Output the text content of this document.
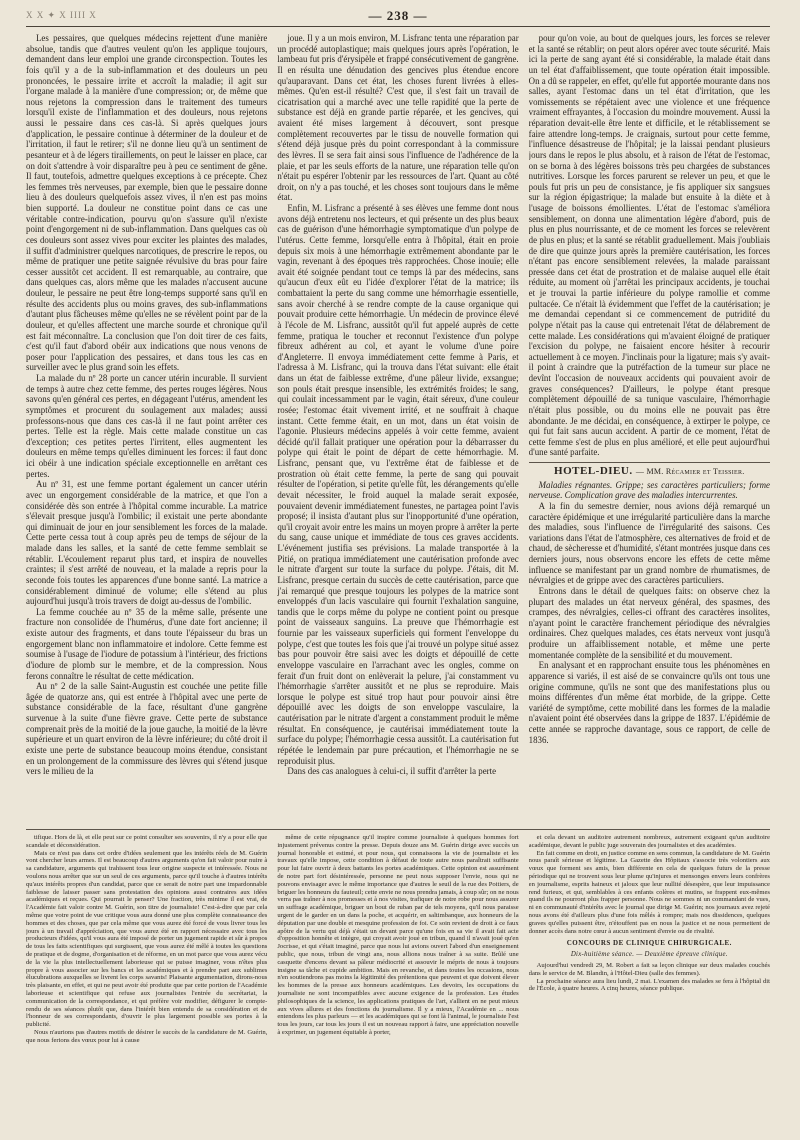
X X ✦ X IIII X	— 238 —

Les pessaires, que quelques médecins rejettent d'une manière absolue, tandis que d'autres veulent qu'on les applique toujours, demandent dans leur emploi une grande circonspection. Toutes les fois qu'il y a de la sub-inflammation et des douleurs un peu prononcées, le pessaire irrite et accroît la maladie; il agit sur l'organe malade à la manière d'une compression; or, de même que nous rejetons la compression dans le traitement des tumeurs lorsqu'il existe de l'inflammation et des douleurs, nous rejetons aussi le pessaire dans ces cas-là. Si après quelques jours d'application, le pessaire continue à déterminer de la douleur et de l'irritation, il faut le retirer; s'il ne donne lieu qu'à un sentiment de pesanteur et à de légers tiraillements, on peut le laisser en place, car on doit s'attendre à voir disparaître peu à peu ce sentiment de gêne. Il faut, toutefois, admettre quelques exceptions à ce précepte. Chez les femmes très nerveuses, par exemple, bien que le pessaire donne lieu à des douleurs quelquefois assez vives, il n'en est pas moins bien supporté. La douleur ne constitue point dans ce cas une véritable contre-indication, pourvu qu'on s'assure qu'il n'existe point d'engorgement ni de sub-inflammation. Dans quelques cas où ces douleurs sont assez vives pour exciter les plaintes des malades, il suffit d'administrer quelques narcotiques, de prescrire le repos, ou même de pratiquer une petite saignée révulsive du bras pour faire cesser aussitôt cet accident. Il est remarquable, au contraire, que dans quelques cas, alors même que les malades n'accusent aucune douleur, le pessaire ne peut être long-temps supporté sans qu'il en résulte des accidents plus ou moins graves, des sub-inflammations d'autant plus fâcheuses même qu'elles ne se révèlent point par de la douleur, et qu'elles affectent une marche sourde et chronique qu'il est fait méconnaître. La conclusion que l'on doit tirer de ces faits, c'est qu'il faut d'abord obéir aux indications que nous venons de poser pour l'application des pessaires, et dans tous les cas en surveiller avec le plus grand soin les effets.

La malade du nº 28 porte un cancer utérin incurable. Il survient de temps à autre chez cette femme, des pertes rouges légères. Nous savons qu'en général ces pertes, en dégageant l'utérus, amendent les symptômes et procurent du soulagement aux malades; aussi professons-nous que dans ces cas-là il ne faut point arrêter ces pertes. Telle est la règle. Mais cette malade constitue un cas d'exception; ces petites pertes l'irritent, elles augmentent les douleurs en même temps qu'elles diminuent les forces: il faut donc ici obéir à une indication spéciale exceptionnelle en arrêtant ces pertes.

Au nº 31, est une femme portant également un cancer utérin avec un engorgement considérable de la matrice, et que l'on a considérée dès son entrée à l'hôpital comme incurable. La matrice s'élevait presque jusqu'à l'ombilic; il existait une perte abondante qui diminuait de jour en jour sensiblement les forces de la malade. Cette perte cessa tout à coup après peu de temps de séjour de la malade dans les salles, et la santé de cette femme semblait se rétablir. L'écoulement reparut plus tard, et inspira de nouvelles craintes; il s'est arrêté de nouveau, et la malade a repris pour la seconde fois toutes les apparences d'une bonne santé. La matrice a considérablement diminué de volume; elle s'étend au plus aujourd'hui jusqu'à trois travers de doigt au-dessus de l'ombilic.

La femme couchée au nº 35 de la même salle, présente une fracture non consolidée de l'humérus, d'une date fort ancienne; il existe autour des fragments, et dans toute l'épaisseur du bras un engorgement blanc non inflammatoire et indolore. Cette femme est soumise à l'usage de l'iodure de potassium à l'intérieur, des frictions d'iodure de plomb sur le membre, et de la compression. Nous ferons connaître le résultat de cette médication.

Au nº 2 de la salle Saint-Augustin est couchée une petite fille âgée de quatorze ans, qui est entrée à l'hôpital avec une perte de substance considérable de la face, résultant d'une gangrène survenue à la suite d'une fièvre grave. Cette perte de substance comprenait près de la moitié de la joue gauche, la moitié de la lèvre supérieure et un quart environ de la lèvre inférieure; du côté droit il existe une perte de substance beaucoup moins étendue, consistant en un prolongement de la commissure des lèvres qui s'étend jusque vers le milieu de la

joue. Il y a un mois environ, M. Lisfranc tenta une réparation par un procédé autoplastique; mais quelques jours après l'opération, le lambeau fut pris d'érysipèle et frappé consécutivement de gangrène. Il en résulta une dénudation des gencives plus étendue encore qu'auparavant. Dans cet état, les choses furent livrées à elles-mêmes. Qu'en est-il résulté? C'est que, il s'est fait un travail de cicatrisation qui a marché avec une telle rapidité que la perte de substance est déjà en grande partie réparée, et les gencives, qui avaient été mises largement à découvert, sont presque complètement recouvertes par le tissu de nouvelle formation qui s'étend déjà jusque près du point correspondant à la commissure des lèvres. Il se sera fait ainsi sous l'influence de l'adhérence de la plaie, et par les seuls efforts de la nature, une réparation telle qu'on n'était pu espérer l'obtenir par les ressources de l'art. Quant au côté droit, on n'y a pas touché, et les choses sont toujours dans le même état.

Enfin, M. Lisfranc a présenté à ses élèves une femme dont nous avons déjà entretenu nos lecteurs, et qui présente un des plus beaux cas de guérison d'une hémorrhagie symptomatique d'un polype de l'utérus. Cette femme, lorsqu'elle entra à l'hôpital, était en proie depuis six mois à une hémorrhagie extrêmement abondante par le vagin, revenant à des époques très rapprochées. Chose inouïe; elle avait été soignée pendant tout ce temps là par des médecins, sans qu'aucun d'eux eût eu l'idée d'explorer l'état de la matrice; ils combattaient la perte du sang comme une hémorrhagie essentielle, sans avoir cherché à se rendre compte de la cause organique qui pouvait produire cette hémorrhagie. Un médecin de province élevé à l'école de M. Lisfranc, aussitôt qu'il fut appelé auprès de cette femme, pratiqua le toucher et reconnut l'existence d'un polype fibreux adhérent au col, et ayant le volume d'une poire d'Angleterre. Il envoya immédiatement cette femme à Paris, et l'adressa à M. Lisfranc, qui la trouva dans l'état suivant: elle était dans un état de faiblesse extrême, d'une pâleur livide, exsangue; son pouls était presque insensible, les extrémités froides; le sang, qui coulait incessamment par le vagin, était séreux, d'une couleur rosée; l'estomac était vivement irrité, et ne souffrait à chaque instant. Cette femme était, en un mot, dans un état voisin de l'agonie. Plusieurs médecins appelés à voir cette femme, avaient décidé qu'il fallait pratiquer une opération pour la débarrasser du polype qui était le point de départ de cette hémorrhagie. M. Lisfranc, pensant que, vu l'extrême état de faiblesse et de prostration où était cette femme, la perte de sang qui pouvait résulter de l'opération, si petite qu'elle fût, les dérangements qu'elle devait nécessiter, le froid auquel la malade serait exposée, pouvaient devenir immédiatement funestes, ne partagea point l'avis proposé; il insista d'autant plus sur l'inopportunité d'une opération, qu'il croyait avoir entre les mains un moyen propre à arrêter la perte du sang, cause unique et immédiate de tous ces graves accidents. L'événement justifia ses prévisions. La malade transportée à la Pitié, on pratiqua immédiatement une cautérisation profonde avec le nitrate d'argent sur toute la surface du polype. J'étais, dit M. Lisfranc, presque certain du succès de cette cautérisation, parce que j'ai remarqué que presque toujours les polypes de la matrice sont enveloppés d'un lacis vasculaire qui fournit l'exhalation sanguine, tandis que le corps même du polype ne contient point ou presque point de vaisseaux sanguins. La preuve que l'hémorrhagie est fournie par les vaisseaux superficiels qui forment l'enveloppe du polype, c'est que toutes les fois que j'ai trouvé un polype situé assez bas pour pouvoir être saisi avec les doigts et dépouillé de cette enveloppe vasculaire en l'arrachant avec les ongles, comme on ferait d'un fruit dont on enlèverait la pelure, j'ai constamment vu l'hémorrhagie s'arrêter aussitôt et ne plus se reproduire. Mais lorsque le polype est situé trop haut pour pouvoir ainsi être dépouillé avec les doigts de son enveloppe vasculaire, la cautérisation par le nitrate d'argent a constamment produit le même résultat. En conséquence, je cautérisai immédiatement toute la surface du polype; l'hémorrhagie cessa aussitôt. La cautérisation fut répétée le lendemain par pure précaution, et l'hémorrhagie ne se reproduisit plus.

Dans des cas analogues à celui-ci, il suffit d'arrêter la perte

pour qu'on voie, au bout de quelques jours, les forces se relever et la santé se rétablir; on peut alors opérer avec toute sécurité. Mais ici la perte de sang ayant été si considérable, la malade était dans un tel état d'affaiblissement, que toute opération était impossible. On a dû se rappeler, en effet, qu'elle fut apportée mourante dans nos salles, ayant l'estomac dans un tel état d'irritation, que les vomissements se répétaient avec une violence et une fréquence vraiment effrayantes, à l'occasion du moindre mouvement. Aussi la réparation devait-elle être lente et difficile, et le rétablissement se faire attendre long-temps. Je craignais, surtout pour cette femme, l'influence désastreuse de l'hôpital; je la laissai pendant plusieurs jours dans le repos le plus absolu, et à raison de l'état de l'estomac, on se borna à des légères boissons très peu chargées de substances nutritives. Lorsque les forces parurent se relever un peu, et que le pouls fut pris un peu de consistance, je fis appliquer six sangsues sur la région épigastrique; la malade but ensuite à la diète et à l'usage de boissons émollientes. L'état de l'estomac s'améliora sensiblement, on donna une alimentation légère d'abord, puis de plus en plus nourrissante, et de ce moment les forces se relevèrent de plus en plus; et la santé se rétablit graduellement. Mais j'oubliais de dire que quinze jours après la première cautérisation, les forces n'étant pas encore sensiblement relevées, la malade paraissant pressée dans cet état de prostration et de malaise auquel elle était réduite, au moment où j'arrêtai les principaux accidents, je touchai et je trouvai la partie inférieure du polype ramollie et comme pultacée. Ce n'était là évidemment que l'effet de la cautérisation; je me demandai cependant si ce commencement de putridité du polype n'était pas la cause qui entretenait l'état de délabrement de cette malade. Les considérations qui m'avaient éloigné de pratiquer l'excision du polype, ne faisaient encore hésiter à recourir actuellement à ce moyen. J'inclinais pour la ligature; mais s'y avait-il point à craindre que la putréfaction de la tumeur sur place ne devînt l'occasion de nouveaux accidents qui pouvaient avoir de graves conséquences? D'ailleurs, le polype étant presque complètement dépouillé de sa tunique vasculaire, l'hémorrhagie n'était plus possible, ou du moins elle ne pouvait pas être abondante. Je me décidai, en conséquence, à extirper le polype, ce qui fut fait sans aucun accident. A partir de ce moment, l'état de cette femme s'est de plus en plus amélioré, et elle peut aujourd'hui d'une santé parfaite.

HOTEL-DIEU. — MM. Récamier et Teissier.

Maladies régnantes. Grippe; ses caractères particuliers; forme nerveuse. Complication grave des maladies intercurrentes.

A la fin du semestre dernier, nous avions déjà remarqué un caractère épidémique et une irrégularité particulière dans la marche des maladies, sous l'influence de l'irrégularité des saisons. Ces variations dans l'état de l'atmosphère, ces alternatives de froid et de chaud, de sècheresse et d'humidité, s'étant montrées jusque dans ces derniers jours, nous observons encore les effets de cette même influence se manifestant par un grand nombre de rhumatismes, de névralgies et de grippe avec des caractères particuliers.

Entrons dans le détail de quelques faits: on observe chez la plupart des malades un état nerveux général, des spasmes, des crampes, des névralgies, celles-ci offrant des caractères insolites, n'ayant point le caractère franchement périodique des névralgies ordinaires. Chez quelques malades, ces états nerveux vont jusqu'à produire un affaiblissement notable, et même une perte momentanée complète de la sensibilité et du mouvement.

En analysant et en rapprochant ensuite tous les phénomènes en apparence si variés, il est aisé de se convaincre qu'ils ont tous une origine commune, qu'ils ne sont que des manifestations plus ou moins différentes d'un même état morbide, de la grippe. Cette variété de symptôme, cette mobilité dans les formes de la maladie n'avaient point été observées dans la grippe de 1837. L'épidémie de cette année se rapproche davantage, sous ce rapport, de celle de 1836.

tifique. Hors de là, et elle peut sur ce point consulter ses souvenirs, il n'y a pour elle que scandale et déconsidération.

Mais ce n'est pas dans cet ordre d'idées seulement que les intérêts réels de M. Guérin vont chercher leurs armes. Il est beaucoup d'autres arguments qu'on fait valoir pour nuire à sa candidature, arguments qui trahissent tous leur origine suspecte et intéressée. Nous ne voulons nous arrêter que sur un seul de ces arguments, parce qu'il touche à d'autres intérêts qu'aux intérêts propres d'un candidat, parce que ce serait de notre part une impardonnable faiblesse de laisser passer sans protestation des opinions aussi contraires aux idées académiques et reçues. Qui pourrait le penser? Une fraction, très minime il est vrai, de l'Académie fait valoir contre M. Guérin, son titre de journaliste! C'est-à-dire que par cela même que votre point de vue critique vous aura donné une plus complète connaissance des hommes et des choses, que par cela même que vous aurez été forcé de vous livrer tous les jours à un travail d'appréciation, que vous aurez été en rapport nécessaire avec tous les producteurs d'idées, qu'il vous aura été imposé de porter un jugement rapide et sûr à propos de tous les faits scientifiques qui surgissent, que vous aurez été mêlé à toutes les questions de pratique et de dogme, d'organisation et de réforme, en un mot parce que vous aurez vécu de la vie la plus intellectuellement laborieuse qui se puisse imaginer, vous n'êtes plus propre à vous associer sur les bancs et les académiques et à prendre part aux sublimes élucubrations auxquelles se livrent les corps savants! Plaisante argumentation, dirons-nous très plaisante, en effet, et qui ne peut avoir été produite que par cette portion de l'Académie laborieuse et scientifique qui refuse aux journalistes l'entrée du secrétariat, la communication de la correspondance, et qui préfère voir modifier, défigurer le compte-rendu de ses séances plutôt que, dans l'intérêt bien entendu de sa considération et de l'honneur de ses correspondants, d'ouvrir le plus largement possible ses portes à la publicité.

Nous n'aurions pas d'autres motifs de désirer le succès de la candidature de M. Guérin, que nous ferions des vœux pour lui à cause

même de cette répugnance qu'il inspire comme journaliste à quelques hommes fort injustement prévenus contre la presse. Depuis douze ans M. Guérin dirige avec succès un journal honorable et estimé, et pour nous, qui connaissons la vie de journaliste et les travaux qu'elle impose, cette condition à défaut de toute autre nous paraîtrait suffisante pour lui faire ouvrir à deux battants les portes académiques. Cette opinion est assurément de notre part fort désintéressée, personne ne peut nous supposer l'envie, nous qui ne pouvons envisager avec le même importance que d'autres le seuil de la rue des Poitiers, de briguer les honneurs du fauteuil; cette envie ne nous prendra jamais, à coup sûr; on ne nous verra pas traîner à nos promesses et à nos visites, trafiquer de notre robe pour nous assurer un suffrage académique, briguer un bout de ruban par de tels moyens, qu'il nous paraisse urgent de le garder en un dans la poche, et acquérir, en saltimbanque, aux honneurs de la députation par une double et mesquine profession de foi. Ce soin revient de droit à ce faux apôtre de la vertu qui déjà s'était un devant parce qu'une fois en sa vie il avait fait acte d'opposition honnête et intègre, qui croyait avoir joué en tribun, quand il n'avait joué qu'en Jocrisse, et qui s'était imaginé, parce que nous lui avions ouvert l'abord d'un enseignement public, que nous, tribun de vingt ans, nous allions nous traîner à sa suite. Brûlé une casquette d'encens devant sa pâleur médiocrité et assouvir le mépris de nous à toujours insigne sa tâche et cupide ambition. Mais en revanche, et dans toutes les occasions, nous n'en soutiendrons pas moins la légitimité des prétentions que peuvent et que doivent élever les hommes de la presse aux honneurs académiques. Les devoirs, les occupations du journaliste ne sont incompatibles avec aucune exigence de la profession. Les études philosophiques de la science, les applications pratiques de l'art, s'allient en ne peut mieux aux vives allures et des fonctions du journalisme. Il y a mieux, l'Académie en ... nous entendons les plus parleurs — et les académiques qui se font là l'animal, le journaliste l'est tous les jours, car tous les jours il est un nouveau rapport à faire, une appréciation nouvelle à exprimer, un jugement équitable à porter,

et cela devant un auditoire autrement nombreux, autrement exigeant qu'un auditoire académique, devant le public juge souverain des journalistes et des académies.

En fait comme en droit, en justice comme en sens commun, la candidature de M. Guérin nous paraît sérieuse et légitime. La Gazette des Hôpitaux s'associe très volontiers aux vœux que forment ses amis, bien différente en cela de quelques futurs de la presse périodique qui ne trouvent sous leur plume qu'injures et mensonges envers leurs confrères en journalisme, esprits haineux et jaloux que leur nullité désespère, que leur impuissance rend furieux, et qui, semblables à ces enfants colères et mutins, se frappent eux-mêmes quand ils ne pourront plus frapper personne. Nous ne sommes ni un commandant de vues, ni en communauté d'intérêts avec le journal que dirige M. Guérin; nos journaux avez rejeté nous avons été d'ailleurs plus d'une fois mêlés à rompre; mais nos dissidences, quelques graves qu'elles puissent être, n'étouffent pas en nous la justice et ne nous permettent de donner accès dans notre cœur à aucun sentiment d'envie ou de rivalité.

CONCOURS DE CLINIQUE CHIRURGICALE.
Dix-huitième séance. — Deuxième épreuve clinique.

Aujourd'hui vendredi 29, M. Robert a fait sa leçon clinique sur deux malades couchés dans le service de M. Blandin, à l'Hôtel-Dieu (salle des femmes).

La prochaine séance aura lieu lundi, 2 mai. L'examen des malades se fera à l'hôpital dit de l'École, à quatre heures. A cinq heures, séance publique.
